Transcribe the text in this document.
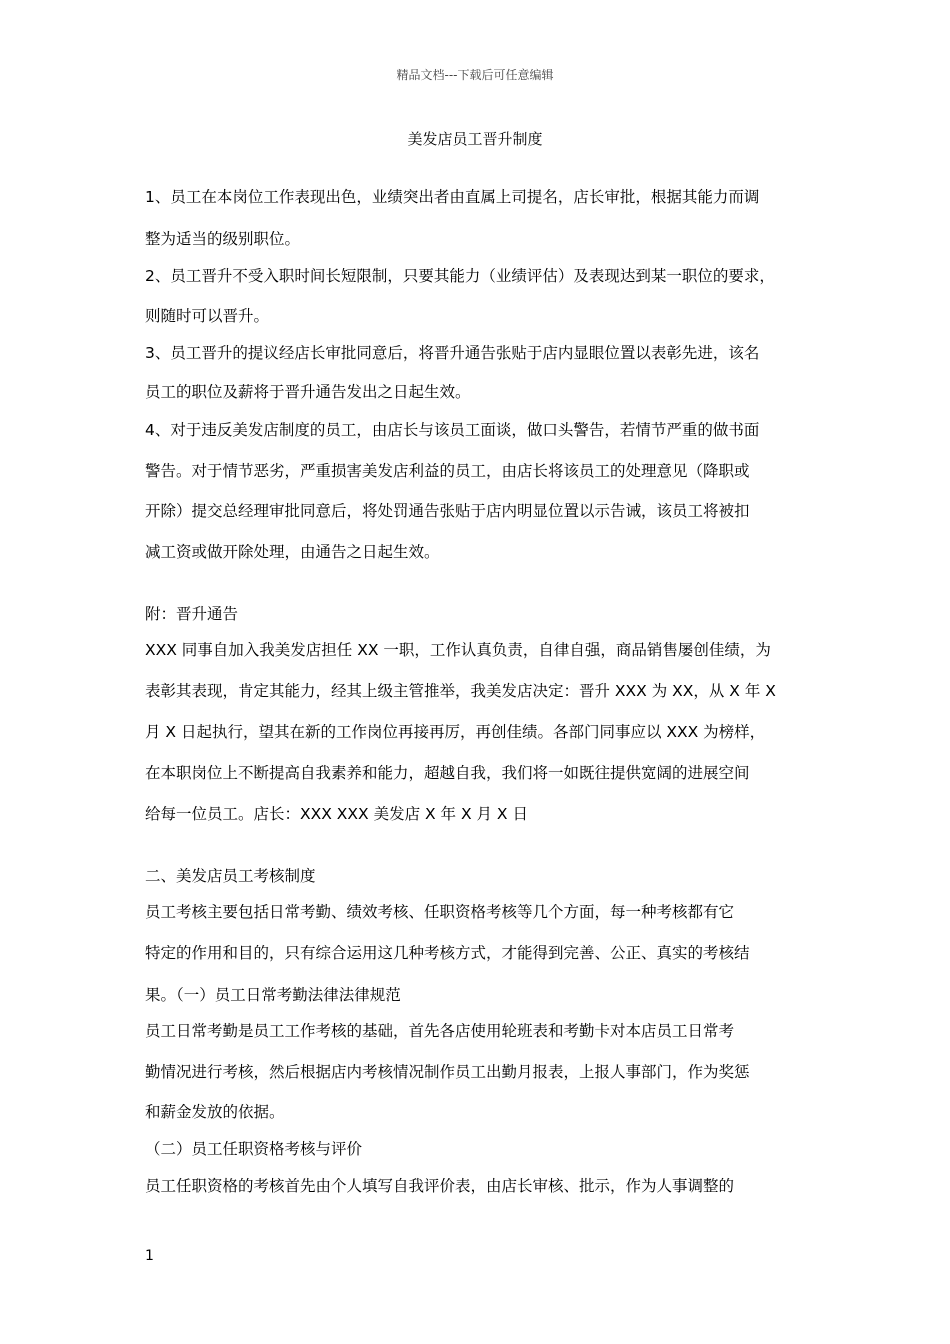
精品文档---下载后可任意编辑
美发店员工晋升制度
1、员工在本岗位工作表现出色，业绩突出者由直属上司提名，店长审批，根据其能力而调
整为适当的级别职位。
2、员工晋升不受入职时间长短限制，只要其能力（业绩评估）及表现达到某一职位的要求，
则随时可以晋升。
3、员工晋升的提议经店长审批同意后，将晋升通告张贴于店内显眼位置以表彰先进，该名
员工的职位及薪将于晋升通告发出之日起生效。
4、对于违反美发店制度的员工，由店长与该员工面谈，做口头警告，若情节严重的做书面
警告。对于情节恶劣，严重损害美发店利益的员工，由店长将该员工的处理意见（降职或
开除）提交总经理审批同意后，将处罚通告张贴于店内明显位置以示告诫，该员工将被扣
减工资或做开除处理，由通告之日起生效。
附：晋升通告
XXX 同事自加入我美发店担任 XX 一职，工作认真负责，自律自强，商品销售屡创佳绩，为
表彰其表现，肯定其能力，经其上级主管推举，我美发店决定：晋升 XXX 为 XX，从 X 年 X
月 X 日起执行，望其在新的工作岗位再接再厉，再创佳绩。各部门同事应以 XXX 为榜样，
在本职岗位上不断提高自我素养和能力，超越自我，我们将一如既往提供宽阔的进展空间
给每一位员工。店长：XXX XXX 美发店 X 年 X 月 X 日
二、美发店员工考核制度
员工考核主要包括日常考勤、绩效考核、任职资格考核等几个方面，每一种考核都有它
特定的作用和目的，只有综合运用这几种考核方式，才能得到完善、公正、真实的考核结
果。（一）员工日常考勤法律法律规范
员工日常考勤是员工工作考核的基础，首先各店使用轮班表和考勤卡对本店员工日常考
勤情况进行考核，然后根据店内考核情况制作员工出勤月报表，上报人事部门，作为奖惩
和薪金发放的依据。
（二）员工任职资格考核与评价
员工任职资格的考核首先由个人填写自我评价表，由店长审核、批示，作为人事调整的
1
